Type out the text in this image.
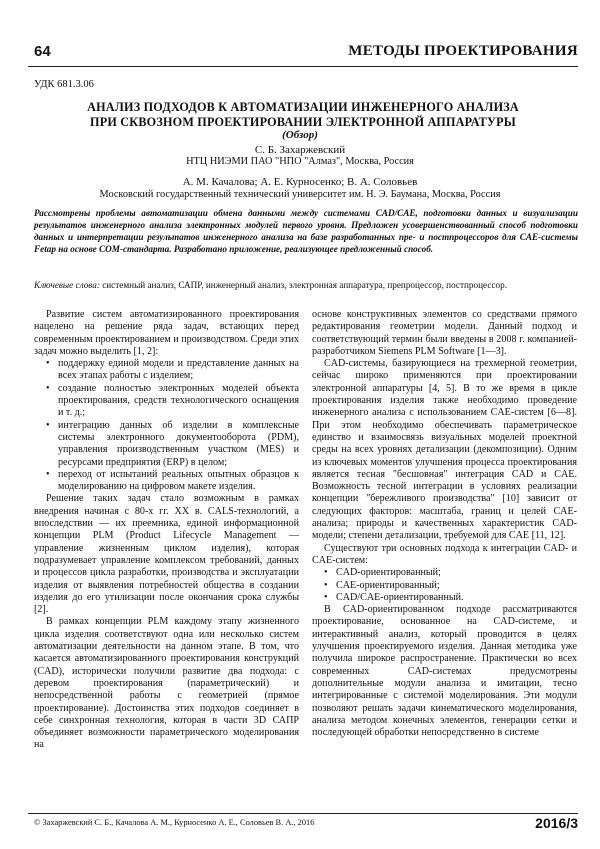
64	МЕТОДЫ ПРОЕКТИРОВАНИЯ
УДК 681.3.06
АНАЛИЗ ПОДХОДОВ К АВТОМАТИЗАЦИИ ИНЖЕНЕРНОГО АНАЛИЗА
ПРИ СКВОЗНОМ ПРОЕКТИРОВАНИИ ЭЛЕКТРОННОЙ АППАРАТУРЫ
(Обзор)
С. Б. Захаржевский
НТЦ НИЭМИ ПАО "НПО "Алмаз", Москва, Россия
А. М. Качалова; А. Е. Курносенко; В. А. Соловьев
Московский государственный технический университет им. Н. Э. Баумана, Москва, Россия
Рассмотрены проблемы автоматизации обмена данными между системами CAD/CAE, подготовки данных и визуализации результатов инженерного анализа электронных модулей первого уровня. Предложен усовершенствованный способ подготовки данных и интерпретации результатов инженерного анализа на базе разработанных пре- и постпроцессоров для CAE-системы Fetap на основе COM-стандарта. Разработано приложение, реализующее предложенный способ.
Ключевые слова: системный анализ, САПР, инженерный анализ, электронная аппаратура, препроцессор, постпроцессор.

Развитие систем автоматизированного проектирования нацелено на решение ряда задач, встающих перед современным проектированием и производством. Среди этих задач можно выделить [1, 2]:

• поддержку единой модели и представление данных на всех этапах работы с изделием;
• создание полностью электронных моделей объекта проектирования, средств технологического оснащения и т. д.;
• интеграцию данных об изделии в комплексные системы электронного документооборота (PDM), управления производственным участком (MES) и ресурсами предприятия (ERP) в целом;
• переход от испытаний реальных опытных образцов к моделированию на цифровом макете изделия.

Решение таких задач стало возможным в рамках внедрения начиная с 80-х гг. XX в. CALS-технологий, а впоследствии — их преемника, единой информационной концепции PLM (Product Lifecycle Management — управление жизненным циклом изделия), которая подразумевает управление комплексом требований, данных и процессов цикла разработки, производства и эксплуатации изделия от выявления потребностей общества в создании изделия до его утилизации после окончания срока службы [2].

В рамках концепции PLM каждому этапу жизненного цикла изделия соответствуют одна или несколько систем автоматизации деятельности на данном этапе. В том, что касается автоматизированного проектирования конструкций (CAD), исторически получили развитие два подхода: с деревом проектирования (параметрический) и непосредственной работы с геометрией (прямое проектирование). Достоинства этих подходов соединяет в себе синхронная технология, которая в части 3D САПР объединяет возможности параметрического моделирования на

основе конструктивных элементов со средствами прямого редактирования геометрии модели. Данный подход и соответствующий термин были введены в 2008 г. компанией-разработчиком Siemens PLM Software [1—3].

CAD-системы, базирующиеся на трехмерной геометрии, сейчас широко применяются при проектировании электронной аппаратуры [4, 5]. В то же время в цикле проектирования изделия также необходимо проведение инженерного анализа с использованием CAE-систем [6—8]. При этом необходимо обеспечивать параметрическое единство и взаимосвязь визуальных моделей проектной среды на всех уровнях детализации (декомпозиции). Одним из ключевых моментов улучшения процесса проектирования является тесная "бесшовная" интеграция CAD и CAE. Возможность тесной интеграции в условиях реализации концепции "бережливого производства" [10] зависит от следующих факторов: масштаба, границ и целей CAE-анализа; природы и качественных характеристик CAD-модели; степени детализации, требуемой для CAE [11, 12].

Существуют три основных подхода к интеграции CAD- и CAE-систем:

• CAD-ориентированный;
• CAE-ориентированный;
• CAD/CAE-ориентированный.

В CAD-ориентированном подходе рассматриваются проектирование, основанное на CAD-системе, и интерактивный анализ, который проводится в целях улучшения проектируемого изделия. Данная методика уже получила широкое распространение. Практически во всех современных CAD-системах предусмотрены дополнительные модули анализа и имитации, тесно интегрированные с системой моделирования. Эти модули позволяют решать задачи кинематического моделирования, анализа методом конечных элементов, генерации сетки и последующей обработки непосредственно в системе

© Захаржевский С. Б., Качалова А. М., Курносенко А. Е., Соловьев В. А., 2016	2016/3
